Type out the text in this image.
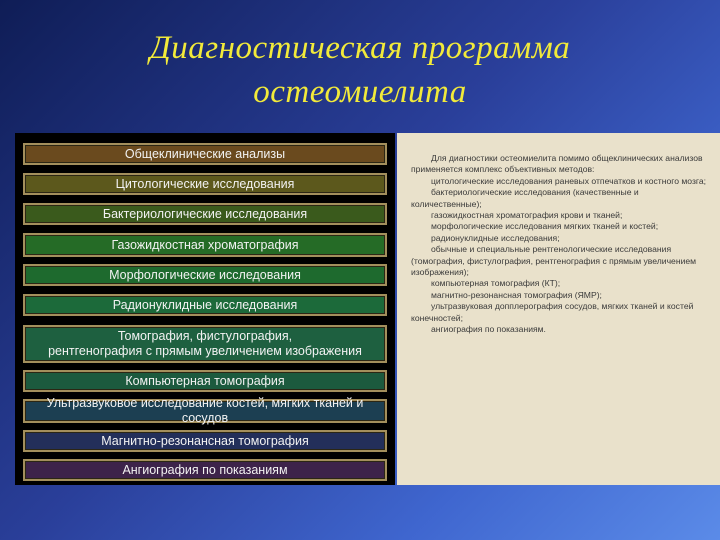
Диагностическая программа
остеомиелита
Общеклинические анализы
Цитологические исследования
Бактериологические исследования
Газожидкостная хроматография
Морфологические исследования
Радионуклидные исследования
Томография, фистулография,
рентгенография с прямым увеличением изображения
Компьютерная томография
Ультразвуковое исследование костей, мягких тканей и сосудов
Магнитно-резонансная томография
Ангиография по показаниям

Для диагностики остеомиелита помимо общеклинических анализов применяется комплекс объективных методов:

цитологические исследования раневых отпечатков и костного мозга;

бактериологические исследования (качественные и количественные);

газожидкостная хроматография крови и тканей;

морфологические исследования мягких тканей и костей;

радионуклидные исследования;

обычные и специальные рентгенологические исследования (томография, фистулография, рентгенография с прямым увеличением изображения);

компьютерная томография (КТ);

магнитно-резонансная томография (ЯМР);

ультразвуковая допплерография сосудов, мягких тканей и костей конечностей;

ангиография по показаниям.
